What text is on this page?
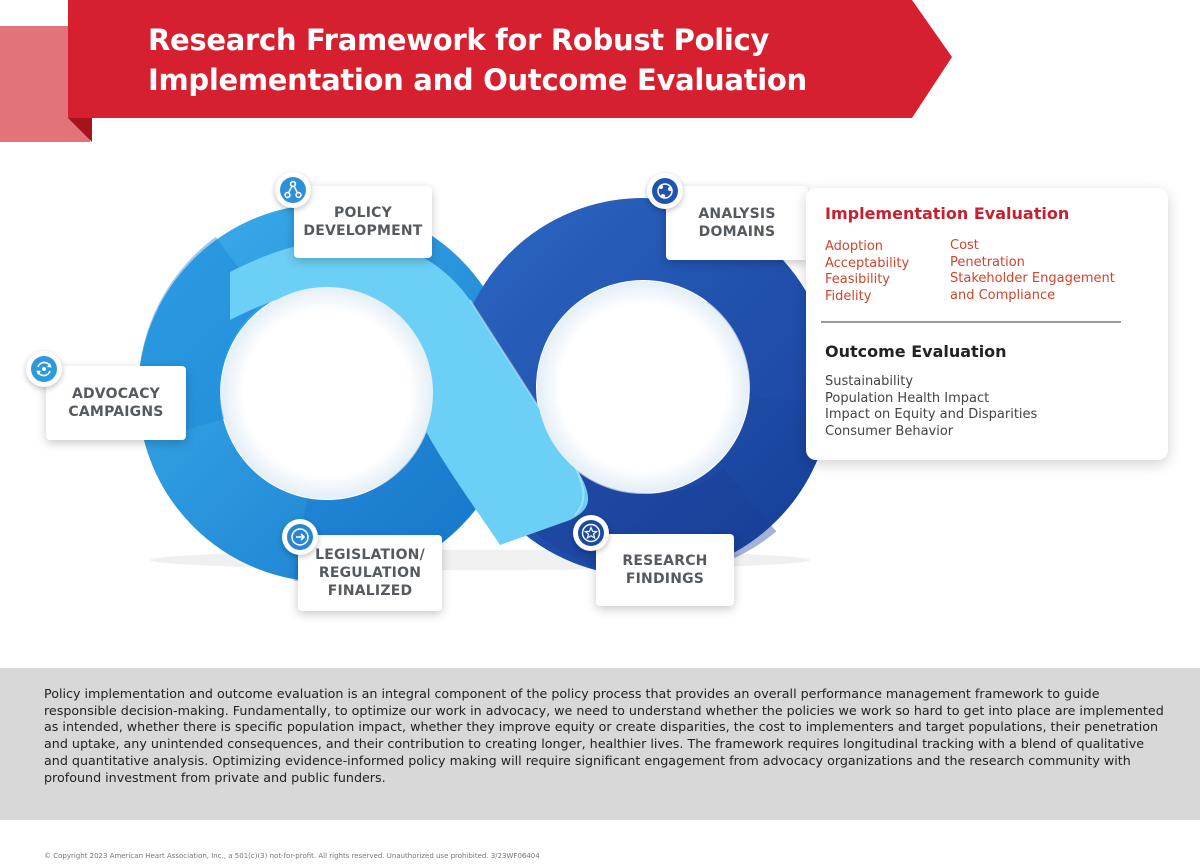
Research Framework for Robust Policy
Implementation and Outcome Evaluation
POLICY
DEVELOPMENT
ANALYSIS
DOMAINS
ADVOCACY
CAMPAIGNS
LEGISLATION/
REGULATION
FINALIZED
RESEARCH
FINDINGS
Implementation Evaluation
Adoption
Acceptability
Feasibility
Fidelity
Cost
Penetration
Stakeholder Engagement
and Compliance
Outcome Evaluation
Sustainability
Population Health Impact
Impact on Equity and Disparities
Consumer Behavior
Policy implementation and outcome evaluation is an integral component of the policy process that provides an overall performance management framework to guide responsible decision-making. Fundamentally, to optimize our work in advocacy, we need to understand whether the policies we work so hard to get into place are implemented as intended, whether there is specific population impact, whether they improve equity or create disparities, the cost to implementers and target populations, their penetration and uptake, any unintended consequences, and their contribution to creating longer, healthier lives. The framework requires longitudinal tracking with a blend of qualitative and quantitative analysis. Optimizing evidence-informed policy making will require significant engagement from advocacy organizations and the research community with profound investment from private and public funders.
© Copyright 2023 American Heart Association, Inc., a 501(c)(3) not-for-profit. All rights reserved. Unauthorized use prohibited. 3/23WF06404
